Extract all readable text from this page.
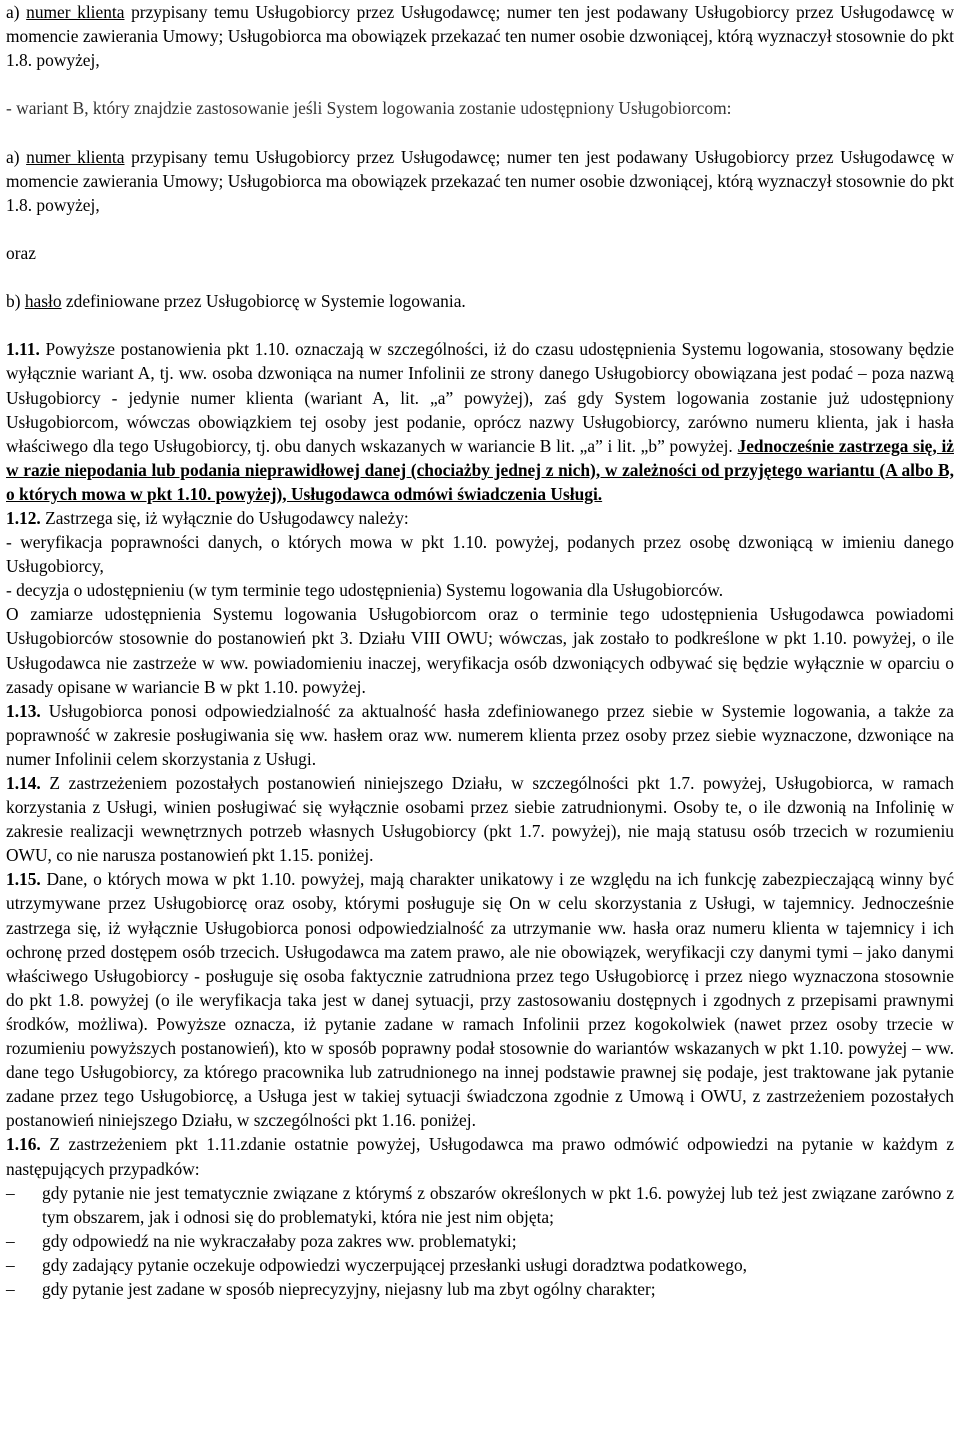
a) numer klienta przypisany temu Usługobiorcy przez Usługodawcę; numer ten jest podawany Usługobiorcy przez Usługodawcę w momencie zawierania Umowy; Usługobiorca ma obowiązek przekazać ten numer osobie dzwoniącej, którą wyznaczył stosownie do pkt 1.8. powyżej,

- wariant B, który znajdzie zastosowanie jeśli System logowania zostanie udostępniony Usługobiorcom:

a) numer klienta przypisany temu Usługobiorcy przez Usługodawcę; numer ten jest podawany Usługobiorcy przez Usługodawcę w momencie zawierania Umowy; Usługobiorca ma obowiązek przekazać ten numer osobie dzwoniącej, którą wyznaczył stosownie do pkt 1.8. powyżej,

oraz

b) hasło zdefiniowane przez Usługobiorcę w Systemie logowania.

1.11. Powyższe postanowienia pkt 1.10. oznaczają w szczególności, iż do czasu udostępnienia Systemu logowania, stosowany będzie wyłącznie wariant A, tj. ww. osoba dzwoniąca na numer Infolinii ze strony danego Usługobiorcy obowiązana jest podać – poza nazwą Usługobiorcy - jedynie numer klienta (wariant A, lit. „a” powyżej), zaś gdy System logowania zostanie już udostępniony Usługobiorcom, wówczas obowiązkiem tej osoby jest podanie, oprócz nazwy Usługobiorcy, zarówno numeru klienta, jak i hasła właściwego dla tego Usługobiorcy, tj. obu danych wskazanych w wariancie B lit. „a” i lit. „b” powyżej. Jednocześnie zastrzega się, iż w razie niepodania lub podania nieprawidłowej danej (chociażby jednej z nich), w zależności od przyjętego wariantu (A albo B, o których mowa w pkt 1.10. powyżej), Usługodawca odmówi świadczenia Usługi.

1.12. Zastrzega się, iż wyłącznie do Usługodawcy należy:

- weryfikacja poprawności danych, o których mowa w pkt 1.10. powyżej, podanych przez osobę dzwoniącą w imieniu danego Usługobiorcy,

- decyzja o udostępnieniu (w tym terminie tego udostępnienia) Systemu logowania dla Usługobiorców.

O zamiarze udostępnienia Systemu logowania Usługobiorcom oraz o terminie tego udostępnienia Usługodawca powiadomi Usługobiorców stosownie do postanowień pkt 3. Działu VIII OWU; wówczas, jak zostało to podkreślone w pkt 1.10. powyżej, o ile Usługodawca nie zastrzeże w ww. powiadomieniu inaczej, weryfikacja osób dzwoniących odbywać się będzie wyłącznie w oparciu o zasady opisane w wariancie B w pkt 1.10. powyżej.

1.13. Usługobiorca ponosi odpowiedzialność za aktualność hasła zdefiniowanego przez siebie w Systemie logowania, a także za poprawność w zakresie posługiwania się ww. hasłem oraz ww. numerem klienta przez osoby przez siebie wyznaczone, dzwoniące na numer Infolinii celem skorzystania z Usługi.

1.14. Z zastrzeżeniem pozostałych postanowień niniejszego Działu, w szczególności pkt 1.7. powyżej, Usługobiorca, w ramach korzystania z Usługi, winien posługiwać się wyłącznie osobami przez siebie zatrudnionymi. Osoby te, o ile dzwonią na Infolinię w zakresie realizacji wewnętrznych potrzeb własnych Usługobiorcy (pkt 1.7. powyżej), nie mają statusu osób trzecich w rozumieniu OWU, co nie narusza postanowień pkt 1.15. poniżej.

1.15. Dane, o których mowa w pkt 1.10. powyżej, mają charakter unikatowy i ze względu na ich funkcję zabezpieczającą winny być utrzymywane przez Usługobiorcę oraz osoby, którymi posługuje się On w celu skorzystania z Usługi, w tajemnicy. Jednocześnie zastrzega się, iż wyłącznie Usługobiorca ponosi odpowiedzialność za utrzymanie ww. hasła oraz numeru klienta w tajemnicy i ich ochronę przed dostępem osób trzecich. Usługodawca ma zatem prawo, ale nie obowiązek, weryfikacji czy danymi tymi – jako danymi właściwego Usługobiorcy - posługuje się osoba faktycznie zatrudniona przez tego Usługobiorcę i przez niego wyznaczona stosownie do pkt 1.8. powyżej (o ile weryfikacja taka jest w danej sytuacji, przy zastosowaniu dostępnych i zgodnych z przepisami prawnymi środków, możliwa). Powyższe oznacza, iż pytanie zadane w ramach Infolinii przez kogokolwiek (nawet przez osoby trzecie w rozumieniu powyższych postanowień), kto w sposób poprawny podał stosownie do wariantów wskazanych w pkt 1.10. powyżej – ww. dane tego Usługobiorcy, za którego pracownika lub zatrudnionego na innej podstawie prawnej się podaje, jest traktowane jak pytanie zadane przez tego Usługobiorcę, a Usługa jest w takiej sytuacji świadczona zgodnie z Umową i OWU, z zastrzeżeniem pozostałych postanowień niniejszego Działu, w szczególności pkt 1.16. poniżej.

1.16. Z zastrzeżeniem pkt 1.11.zdanie ostatnie powyżej, Usługodawca ma prawo odmówić odpowiedzi na pytanie w każdym z następujących przypadków:

–	gdy pytanie nie jest tematycznie związane z którymś z obszarów określonych w pkt 1.6. powyżej lub też jest związane zarówno z tym obszarem, jak i odnosi się do problematyki, która nie jest nim objęta;
–	gdy odpowiedź na nie wykraczałaby poza zakres ww. problematyki;
–	gdy zadający pytanie oczekuje odpowiedzi wyczerpującej przesłanki usługi doradztwa podatkowego,
–	gdy pytanie jest zadane w sposób nieprecyzyjny, niejasny lub ma zbyt ogólny charakter;
